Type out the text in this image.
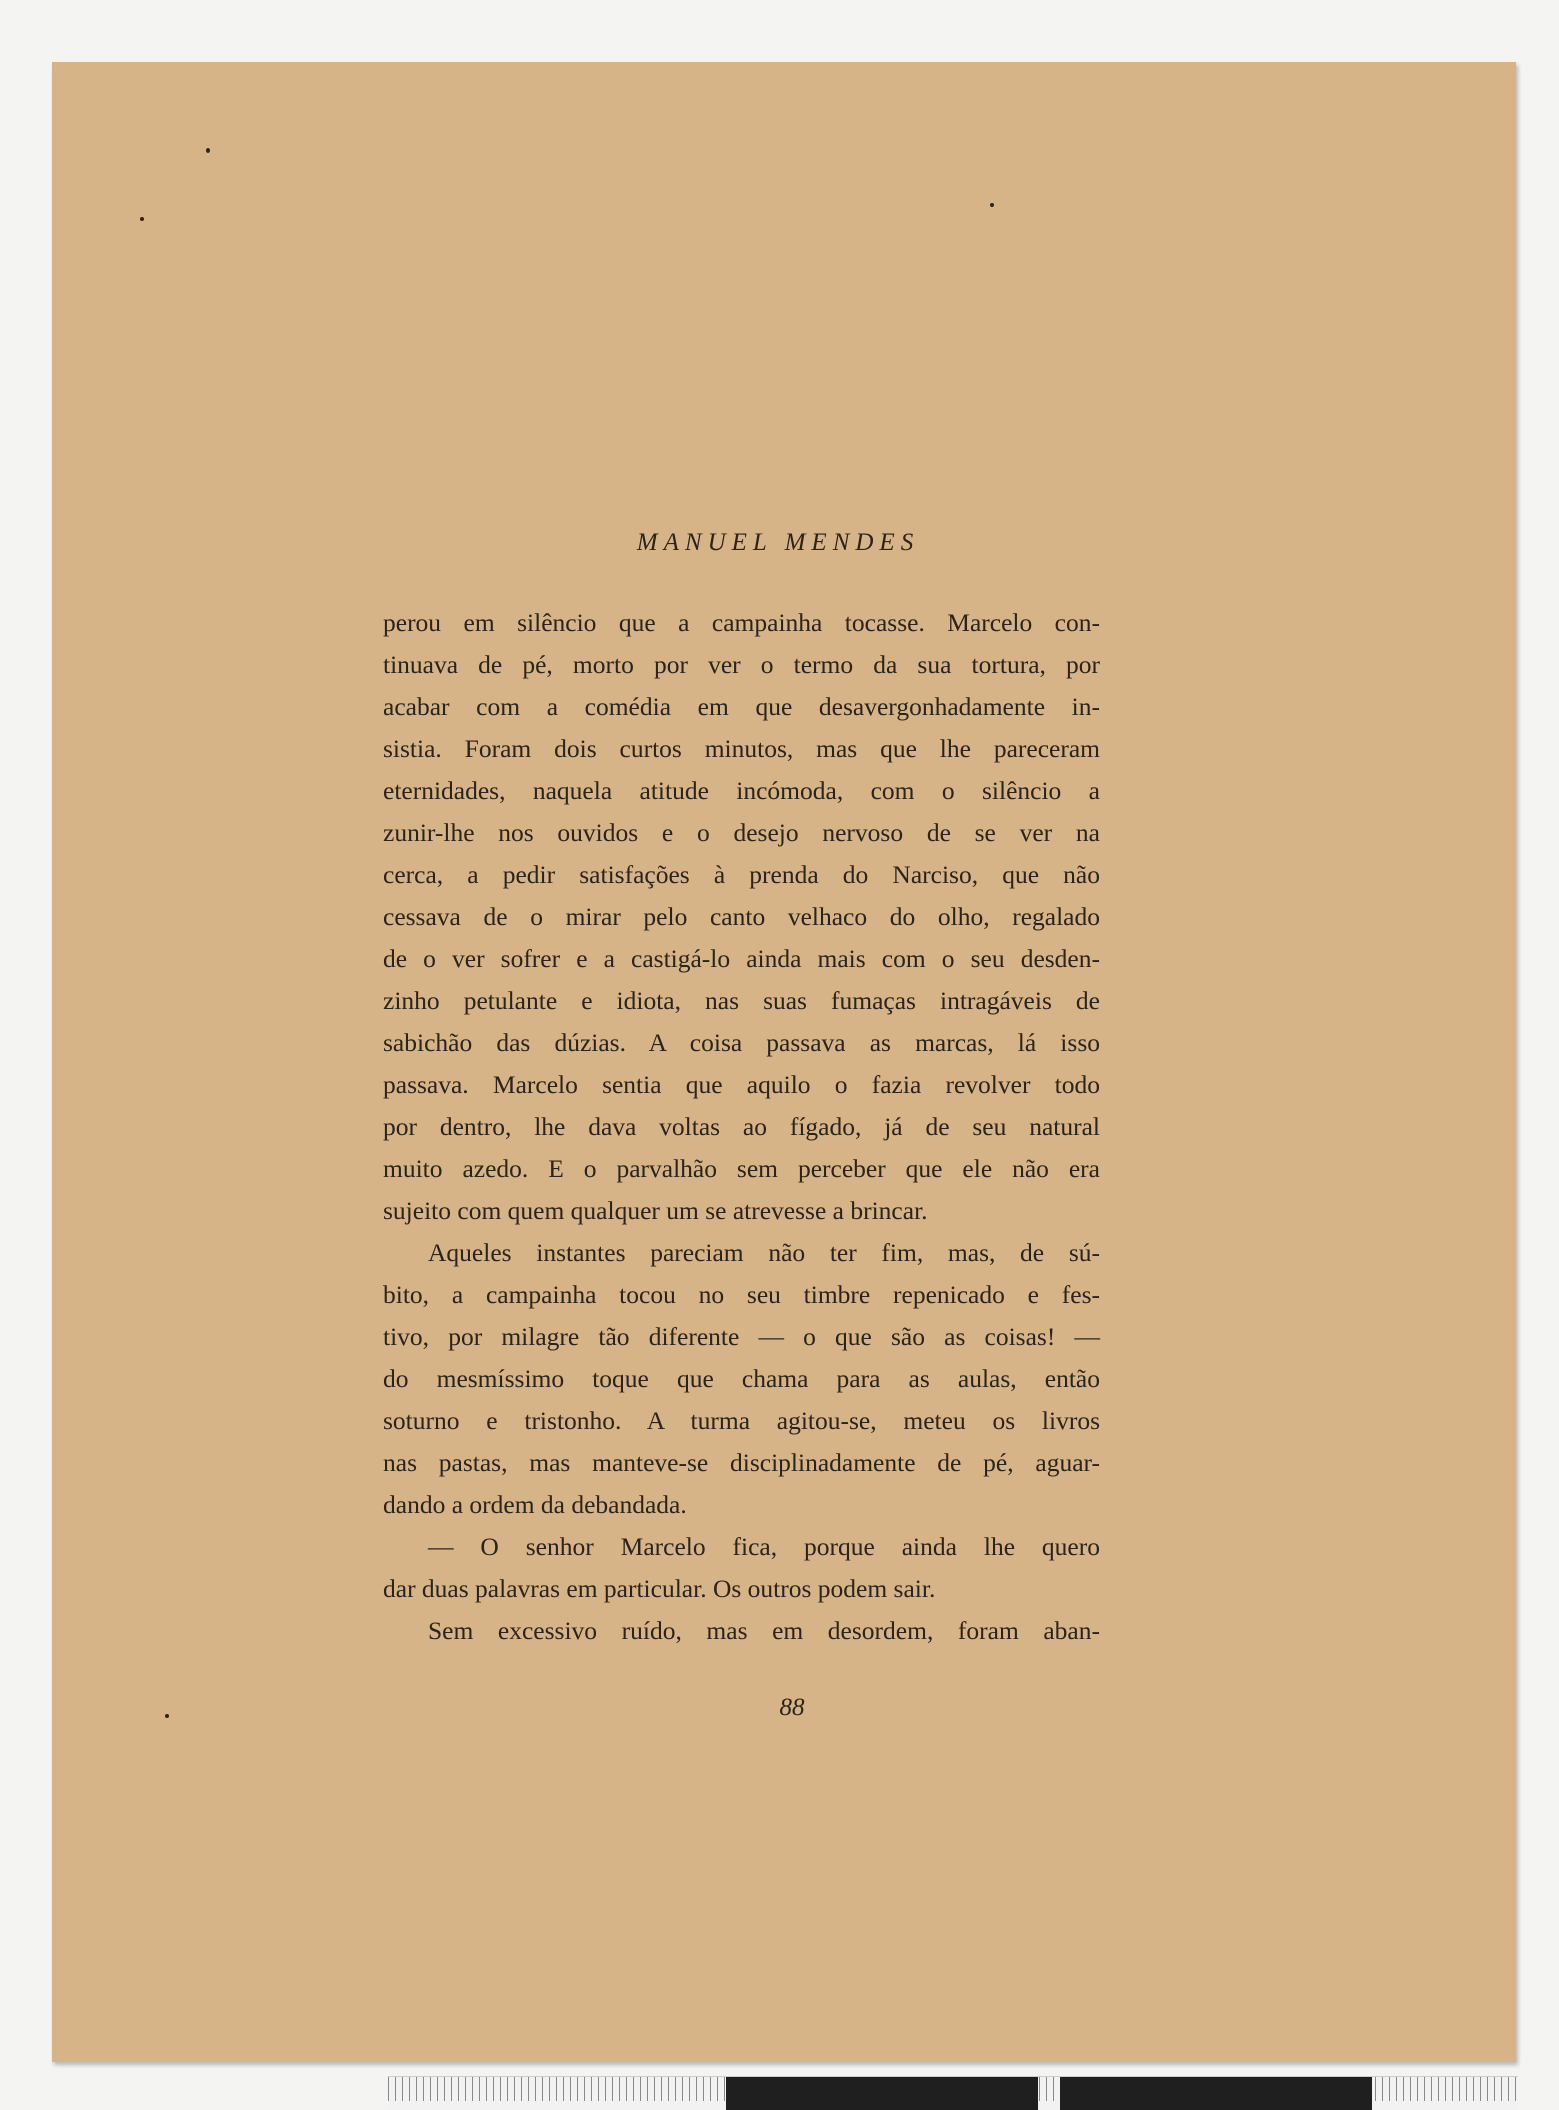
MANUEL MENDES
perou em silêncio que a campainha tocasse. Marcelo con-
tinuava de pé, morto por ver o termo da sua tortura, por
acabar com a comédia em que desavergonhadamente in-
sistia. Foram dois curtos minutos, mas que lhe pareceram
eternidades, naquela atitude incómoda, com o silêncio a
zunir-lhe nos ouvidos e o desejo nervoso de se ver na
cerca, a pedir satisfações à prenda do Narciso, que não
cessava de o mirar pelo canto velhaco do olho, regalado
de o ver sofrer e a castigá-lo ainda mais com o seu desden-
zinho petulante e idiota, nas suas fumaças intragáveis de
sabichão das dúzias. A coisa passava as marcas, lá isso
passava. Marcelo sentia que aquilo o fazia revolver todo
por dentro, lhe dava voltas ao fígado, já de seu natural
muito azedo. E o parvalhão sem perceber que ele não era
sujeito com quem qualquer um se atrevesse a brincar.
Aqueles instantes pareciam não ter fim, mas, de sú-
bito, a campainha tocou no seu timbre repenicado e fes-
tivo, por milagre tão diferente — o que são as coisas! —
do mesmíssimo toque que chama para as aulas, então
soturno e tristonho. A turma agitou-se, meteu os livros
nas pastas, mas manteve-se disciplinadamente de pé, aguar-
dando a ordem da debandada.
— O senhor Marcelo fica, porque ainda lhe quero
dar duas palavras em particular. Os outros podem sair.
Sem excessivo ruído, mas em desordem, foram aban-
88
